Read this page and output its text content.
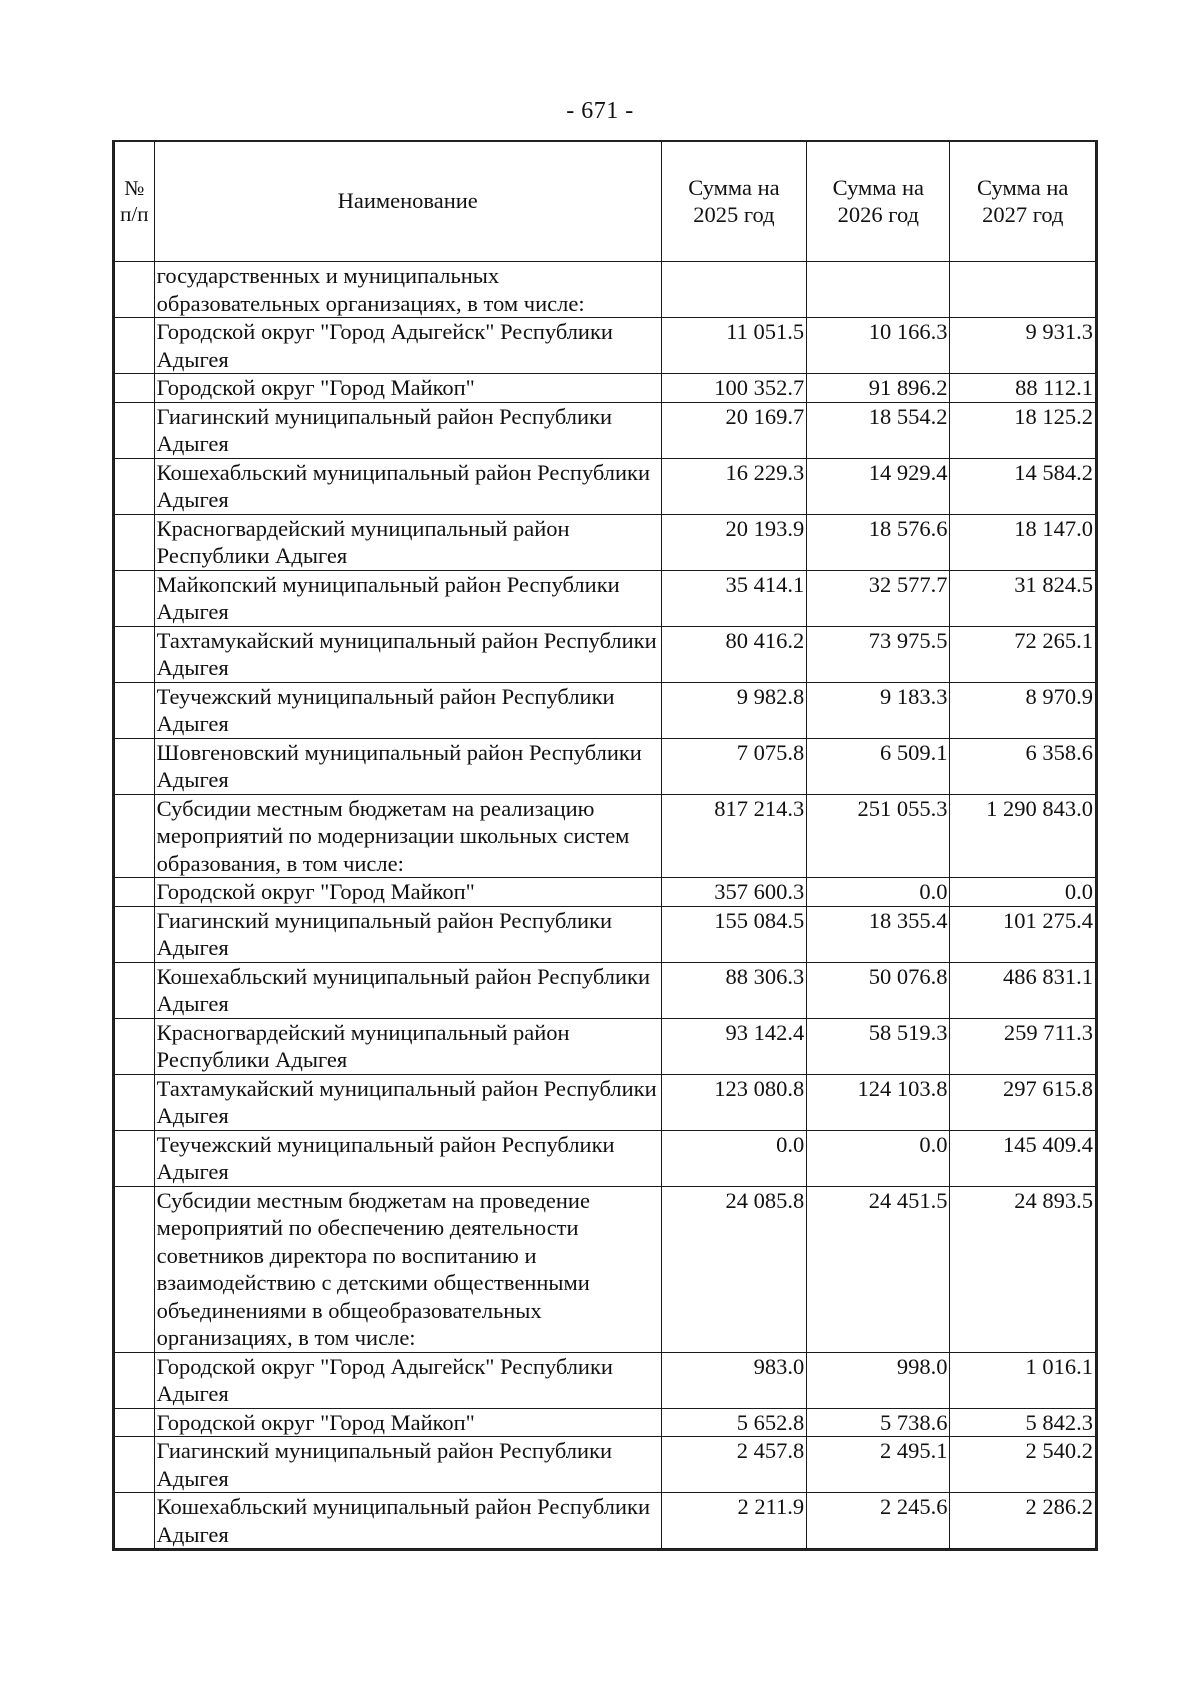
- 671 -
№ п/п	Наименование	Сумма на 2025 год	Сумма на 2026 год	Сумма на 2027 год
	государственных и муниципальных образовательных организациях, в том числе:			
	Городской округ "Город Адыгейск" Республики Адыгея	11 051.5	10 166.3	9 931.3
	Городской округ "Город Майкоп"	100 352.7	91 896.2	88 112.1
	Гиагинский муниципальный район Республики Адыгея	20 169.7	18 554.2	18 125.2
	Кошехабльский муниципальный район Республики Адыгея	16 229.3	14 929.4	14 584.2
	Красногвардейский муниципальный район Республики Адыгея	20 193.9	18 576.6	18 147.0
	Майкопский муниципальный район Республики Адыгея	35 414.1	32 577.7	31 824.5
	Тахтамукайский муниципальный район Республики Адыгея	80 416.2	73 975.5	72 265.1
	Теучежский муниципальный район Республики Адыгея	9 982.8	9 183.3	8 970.9
	Шовгеновский муниципальный район Республики Адыгея	7 075.8	6 509.1	6 358.6
	Субсидии местным бюджетам на реализацию мероприятий по модернизации школьных систем образования, в том числе:	817 214.3	251 055.3	1 290 843.0
	Городской округ "Город Майкоп"	357 600.3	0.0	0.0
	Гиагинский муниципальный район Республики Адыгея	155 084.5	18 355.4	101 275.4
	Кошехабльский муниципальный район Республики Адыгея	88 306.3	50 076.8	486 831.1
	Красногвардейский муниципальный район Республики Адыгея	93 142.4	58 519.3	259 711.3
	Тахтамукайский муниципальный район Республики Адыгея	123 080.8	124 103.8	297 615.8
	Теучежский муниципальный район Республики Адыгея	0.0	0.0	145 409.4
	Субсидии местным бюджетам на проведение мероприятий по обеспечению деятельности советников директора по воспитанию и взаимодействию с детскими общественными объединениями в общеобразовательных организациях, в том числе:	24 085.8	24 451.5	24 893.5
	Городской округ "Город Адыгейск" Республики Адыгея	983.0	998.0	1 016.1
	Городской округ "Город Майкоп"	5 652.8	5 738.6	5 842.3
	Гиагинский муниципальный район Республики Адыгея	2 457.8	2 495.1	2 540.2
	Кошехабльский муниципальный район Республики Адыгея	2 211.9	2 245.6	2 286.2
